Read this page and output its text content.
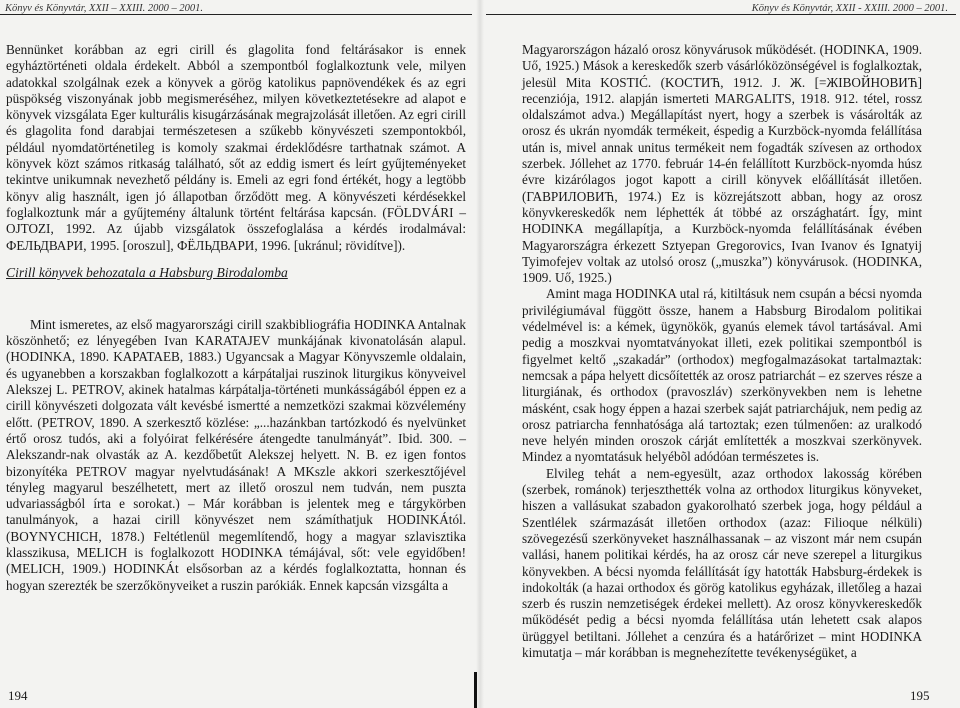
Könyv és Könyvtár, XXII – XXIII. 2000 – 2001.

Bennünket korábban az egri cirill és glagolita fond feltárásakor is ennek egyháztörténeti oldala érdekelt. Abból a szempontból foglalkoztunk vele, milyen adatokkal szolgálnak ezek a könyvek a görög katolikus papnövendékek és az egri püspökség viszonyának jobb megismeréséhez, milyen következtetésekre ad alapot e könyvek vizsgálata Eger kulturális kisugárzásának megrajzolását illetően. Az egri cirill és glagolita fond darabjai természetesen a szűkebb könyvészeti szempontokból, például nyomdatörténetileg is komoly szakmai érdeklődésre tarthatnak számot. A könyvek közt számos ritkaság található, sőt az eddig ismert és leírt gyűjteményeket tekintve unikumnak nevezhető példány is. Emeli az egri fond értékét, hogy a legtöbb könyv alig használt, igen jó állapotban őrződött meg. A könyvészeti kérdésekkel foglalkoztunk már a gyűjtemény általunk történt feltárása kapcsán. (FÖLDVÁRI – OJTOZI, 1992. Az újabb vizsgálatok összefoglalása a kérdés irodalmával: ФЕЛЬДВАРИ, 1995. [oroszul], ФЁЛЬДВАРИ, 1996. [ukránul; rövidítve]).

Cirill könyvek behozatala a Habsburg Birodalomba

Mint ismeretes, az első magyarországi cirill szakbibliográfia HODINKA Antalnak köszönhető; ez lényegében Ivan KARATAJEV munkájának kivonatolásán alapul. (HODINKA, 1890. KAPATAEB, 1883.) Ugyancsak a Magyar Könyvszemle oldalain, és ugyanebben a korszakban foglalkozott a kárpátaljai ruszinok liturgikus könyveivel Alekszej L. PETROV, akinek hatalmas kárpátalja-történeti munkásságából éppen ez a cirill könyvészeti dolgozata vált kevésbé ismertté a nemzetközi szakmai közvélemény előtt. (PETROV, 1890. A szerkesztő közlése: „...hazánkban tartózkodó és nyelvünket értő orosz tudós, aki a folyóirat felkérésére átengedte tanulmányát”. Ibid. 300. – Alekszandr-nak olvasták az A. kezdőbetűt Alekszej helyett. N. B. ez igen fontos bizonyítéka PETROV magyar nyelvtudásának! A MKszle akkori szerkesztőjével tényleg magyarul beszélhetett, mert az illető oroszul nem tudván, nem puszta udvariasságból írta e sorokat.) – Már korábban is jelentek meg e tárgykörben tanulmányok, a hazai cirill könyvészet nem számíthatjuk HODINKÁtól. (BOYNYCHICH, 1878.) Feltétlenül megemlítendő, hogy a magyar szlavisztika klasszikusa, MELICH is foglalkozott HODINKA témájával, sőt: vele egyidőben! (MELICH, 1909.) HODINKÁt elsősorban az a kérdés foglalkoztatta, honnan és hogyan szerezték be szerzőkönyveiket a ruszin parókiák. Ennek kapcsán vizsgálta a

194
Könyv és Könyvtár, XXII - XXIII. 2000 – 2001.

Magyarországon házaló orosz könyvárusok működését. (HODINKA, 1909. Uő, 1925.) Mások a kereskedők szerb vásárlóközönségével is foglalkoztak, jelesül Mita KOSTIĆ. (KOCTИЋ, 1912. J. Ж. [=ЖIВОЙНОВИЋ] recenziója, 1912. alapján ismerteti MARGALITS, 1918. 912. tétel, rossz oldalszámot adva.) Megállapítást nyert, hogy a szerbek is vásárolták az orosz és ukrán nyomdák termékeit, éspedig a Kurzböck-nyomda felállítása után is, mivel annak unitus termékeit nem fogadták szívesen az orthodox szerbek. Jóllehet az 1770. február 14-én felállított Kurzböck-nyomda húsz évre kizárólagos jogot kapott a cirill könyvek előállítását illetően. (ГАВРИЛОВИЋ, 1974.) Ez is közrejátszott abban, hogy az orosz könyvkereskedők nem léphették át többé az országhatárt. Így, mint HODINKA megállapítja, a Kurzböck-nyomda felállításának évében Magyarországra érkezett Sztyepan Gregorovics, Ivan Ivanov és Ignatyij Tyimofejev voltak az utolsó orosz („muszka”) könyvárusok. (HODINKA, 1909. Uő, 1925.)

Amint maga HODINKA utal rá, kitiltásuk nem csupán a bécsi nyomda privilégiumával függött össze, hanem a Habsburg Birodalom politikai védelmével is: a kémek, ügynökök, gyanús elemek távol tartásával. Ami pedig a moszkvai nyomtatványokat illeti, ezek politikai szempontból is figyelmet keltő „szakadár” (orthodox) megfogalmazásokat tartalmaztak: nemcsak a pápa helyett dicsőítették az orosz patriarchát – ez szerves része a liturgiának, és orthodox (pravoszláv) szerkönyvekben nem is lehetne másként, csak hogy éppen a hazai szerbek saját patriarchájuk, nem pedig az orosz patriarcha fennhatósága alá tartoztak; ezen túlmenően: az uralkodó neve helyén minden oroszok cárját említették a moszkvai szerkönyvek. Mindez a nyomtatásuk helyébõl adódóan természetes is.

Elvileg tehát a nem-egyesült, azaz orthodox lakosság körében (szerbek, románok) terjeszthették volna az orthodox liturgikus könyveket, hiszen a vallásukat szabadon gyakorolható szerbek joga, hogy például a Szentlélek származását illetően orthodox (azaz: Filioque nélküli) szövegezésű szerkönyveket használhassanak – az viszont már nem csupán vallási, hanem politikai kérdés, ha az orosz cár neve szerepel a liturgikus könyvekben. A bécsi nyomda felállítását így hatották Habsburg-érdekek is indokolták (a hazai orthodox és görög katolikus egyházak, illetőleg a hazai szerb és ruszin nemzetiségek érdekei mellett). Az orosz könyvkereskedők működését pedig a bécsi nyomda felállítása után lehetett csak alapos ürüggyel betiltani. Jóllehet a cenzúra és a határőrizet – mint HODINKA kimutatja – már korábban is megnehezítette tevékenységüket, a

195
